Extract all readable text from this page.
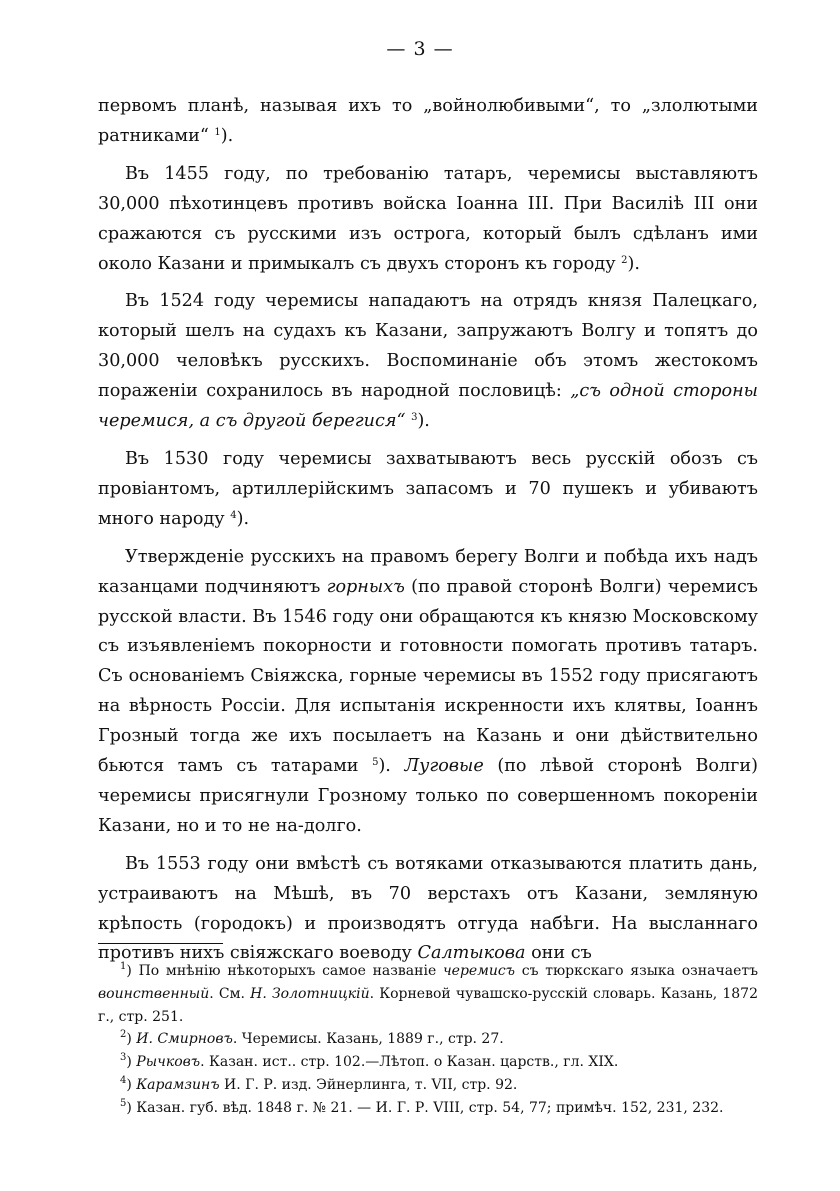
— 3 —

первомъ планѣ, называя ихъ то „войнолюбивыми“, то „злолютыми ратниками“ $^1$).

Въ 1455 году, по требованію татаръ, черемисы выставляютъ 30,000 пѣхотинцевъ противъ войска Іоанна III. При Василіѣ III они сражаются съ русскими изъ острога, который былъ сдѣланъ ими около Казани и примыкалъ съ двухъ сторонъ къ городу $^2$).

Въ 1524 году черемисы нападаютъ на отрядъ князя Палецкаго, который шелъ на судахъ къ Казани, запружаютъ Волгу и топятъ до 30,000 человѣкъ русскихъ. Воспоминаніе объ этомъ жестокомъ пораженіи сохранилось въ народной пословицѣ: „съ одной стороны черемися, а съ другой берегися“ $^3$).

Въ 1530 году черемисы захватываютъ весь русскій обозъ съ провіантомъ, артиллерійскимъ запасомъ и 70 пушекъ и убиваютъ много народу $^4$).

Утвержденіе русскихъ на правомъ берегу Волги и побѣда ихъ надъ казанцами подчиняютъ горныхъ (по правой сторонѣ Волги) черемисъ русской власти. Въ 1546 году они обращаются къ князю Московскому съ изъявленіемъ покорности и готовности помогать противъ татаръ. Съ основаніемъ Свіяжска, горные черемисы въ 1552 году присягаютъ на вѣрность Россіи. Для испытанія искренности ихъ клятвы, Іоаннъ Грозный тогда же ихъ посылаетъ на Казань и они дѣйствительно бьются тамъ съ татарами $^5$). Луговые (по лѣвой сторонѣ Волги) черемисы присягнули Грозному только по совершенномъ покореніи Казани, но и то не на-долго.

Въ 1553 году они вмѣстѣ съ вотяками отказываются платить дань, устраиваютъ на Мѣшѣ, въ 70 верстахъ отъ Казани, земляную крѣпость (городокъ) и производятъ отгуда набѣги. На высланнаго противъ нихъ свіяжскаго воеводу Салтыкова они съ

$^1$) По мнѣнію нѣкоторыхъ самое названіе черемисъ съ тюркскаго языка означаетъ воинственный. См. Н. Золотницкій. Корневой чувашско-русскій словарь. Казань, 1872 г., стр. 251.

$^2$) И. Смирновъ. Черемисы. Казань, 1889 г., стр. 27.

$^3$) Рычковъ. Казан. ист.. стр. 102.—Лѣтоп. о Казан. царств., гл. XIX.

$^4$) Карамзинъ И. Г. Р. изд. Эйнерлинга, т. VII, стр. 92.

$^5$) Казан. губ. вѣд. 1848 г. № 21. — И. Г. Р. VIII, стр. 54, 77; примѣч. 152, 231, 232.
